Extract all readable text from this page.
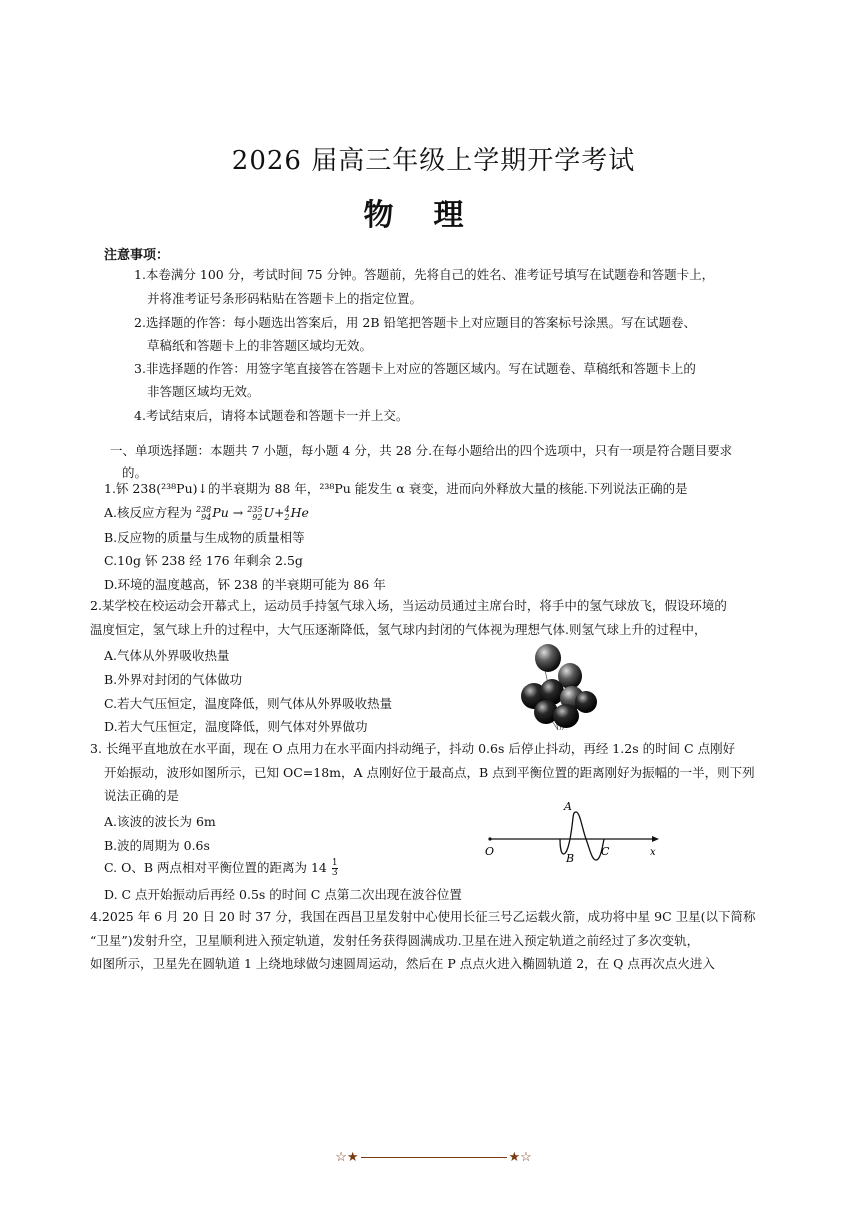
2026 届高三年级上学期开学考试
物理
注意事项：
1.本卷满分 100 分，考试时间 75 分钟。答题前，先将自己的姓名、准考证号填写在试题卷和答题卡上，
并将准考证号条形码粘贴在答题卡上的指定位置。
2.选择题的作答：每小题选出答案后，用 2B 铅笔把答题卡上对应题目的答案标号涂黑。写在试题卷、
草稿纸和答题卡上的非答题区域均无效。
3.非选择题的作答：用签字笔直接答在答题卡上对应的答题区域内。写在试题卷、草稿纸和答题卡上的
非答题区域均无效。
4.考试结束后，请将本试题卷和答题卡一并上交。
一、单项选择题：本题共 7 小题，每小题 4 分，共 28 分.在每小题给出的四个选项中，只有一项是符合题目要求
的。
1.钚 238(²³⁸Pu)↓的半衰期为 88 年，²³⁸Pu 能发生 α 衰变，进而向外释放大量的核能.下列说法正确的是
A.核反应方程为 238
94 Pu → 235
92 U+ 4
2 He
B.反应物的质量与生成物的质量相等
C.10g 钚 238 经 176 年剩余 2.5g
D.环境的温度越高，钚 238 的半衰期可能为 86 年
2.某学校在校运动会开幕式上，运动员手持氢气球入场，当运动员通过主席台时，将手中的氢气球放飞，假设环境的
温度恒定，氢气球上升的过程中，大气压逐渐降低，氢气球内封闭的气体视为理想气体.则氢气球上升的过程中，
A.气体从外界吸收热量
B.外界对封闭的气体做功
C.若大气压恒定，温度降低，则气体从外界吸收热量
D.若大气压恒定，温度降低，则气体对外界做功
3. 长绳平直地放在水平面，现在 O 点用力在水平面内抖动绳子，抖动 0.6s 后停止抖动，再经 1.2s 的时间 C 点刚好
开始振动，波形如图所示，已知 OC=18m，A 点刚好位于最高点，B 点到平衡位置的距离刚好为振幅的一半，则下列
说法正确的是
A.该波的波长为 6m
B.波的周期为 0.6s
C. O、B 两点相对平衡位置的距离为 $14 \frac{1}{3}$
D. C 点开始振动后再经 0.5s 的时间 C 点第二次出现在波谷位置
A
B
C
O	x
4.2025 年 6 月 20 日 20 时 37 分，我国在西昌卫星发射中心使用长征三号乙运载火箭，成功将中星 9C 卫星(以下简称
“卫星”)发射升空，卫星顺利进入预定轨道，发射任务获得圆满成功.卫星在进入预定轨道之前经过了多次变轨，
如图所示，卫星先在圆轨道 1 上绕地球做匀速圆周运动，然后在 P 点点火进入椭圆轨道 2，在 Q 点再次点火进入
☆★	★☆
